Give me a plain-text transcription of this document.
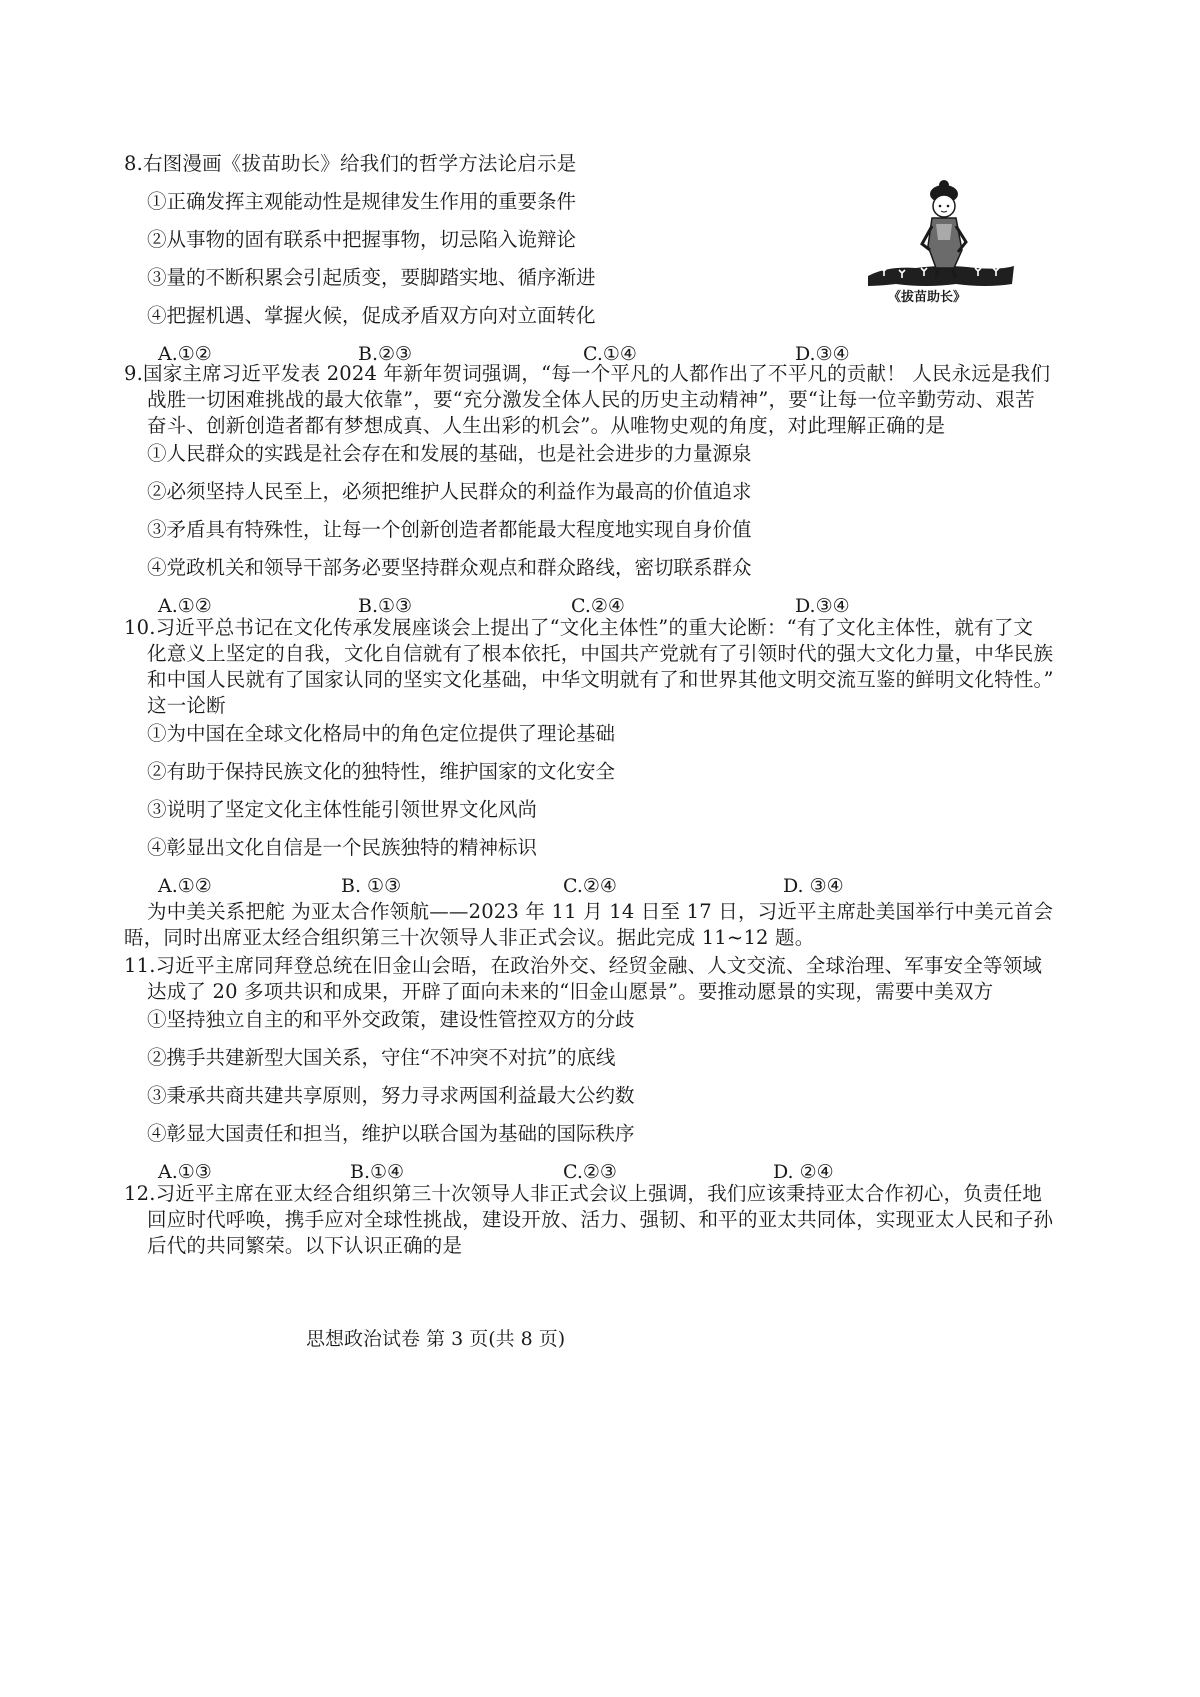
8.右图漫画《拔苗助长》给我们的哲学方法论启示是
①正确发挥主观能动性是规律发生作用的重要条件
②从事物的固有联系中把握事物，切忌陷入诡辩论
③量的不断积累会引起质变，要脚踏实地、循序渐进
④把握机遇、掌握火候，促成矛盾双方向对立面转化
A.①②	B.②③	C.①④	D.③④
《拔苗助长》
9.国家主席习近平发表 2024 年新年贺词强调，“每一个平凡的人都作出了不平凡的贡献！ 人民永远是我们
战胜一切困难挑战的最大依靠”，要“充分激发全体人民的历史主动精神”，要“让每一位辛勤劳动、艰苦
奋斗、创新创造者都有梦想成真、人生出彩的机会”。从唯物史观的角度，对此理解正确的是
①人民群众的实践是社会存在和发展的基础，也是社会进步的力量源泉
②必须坚持人民至上，必须把维护人民群众的利益作为最高的价值追求
③矛盾具有特殊性，让每一个创新创造者都能最大程度地实现自身价值
④党政机关和领导干部务必要坚持群众观点和群众路线，密切联系群众
A.①②	B.①③	C.②④	D.③④
10.习近平总书记在文化传承发展座谈会上提出了“文化主体性”的重大论断：“有了文化主体性，就有了文
化意义上坚定的自我，文化自信就有了根本依托，中国共产党就有了引领时代的强大文化力量，中华民族
和中国人民就有了国家认同的坚实文化基础，中华文明就有了和世界其他文明交流互鉴的鲜明文化特性。”
这一论断
①为中国在全球文化格局中的角色定位提供了理论基础
②有助于保持民族文化的独特性，维护国家的文化安全
③说明了坚定文化主体性能引领世界文化风尚
④彰显出文化自信是一个民族独特的精神标识
A.①②	B. ①③	C.②④	D. ③④
为中美关系把舵 为亚太合作领航——2023 年 11 月 14 日至 17 日，习近平主席赴美国举行中美元首会
晤，同时出席亚太经合组织第三十次领导人非正式会议。据此完成 11~12 题。
11.习近平主席同拜登总统在旧金山会晤，在政治外交、经贸金融、人文交流、全球治理、军事安全等领域
达成了 20 多项共识和成果，开辟了面向未来的“旧金山愿景”。要推动愿景的实现，需要中美双方
①坚持独立自主的和平外交政策，建设性管控双方的分歧
②携手共建新型大国关系，守住“不冲突不对抗”的底线
③秉承共商共建共享原则，努力寻求两国利益最大公约数
④彰显大国责任和担当，维护以联合国为基础的国际秩序
A.①③	B.①④	C.②③	D. ②④
12.习近平主席在亚太经合组织第三十次领导人非正式会议上强调，我们应该秉持亚太合作初心，负责任地
回应时代呼唤，携手应对全球性挑战，建设开放、活力、强韧、和平的亚太共同体，实现亚太人民和子孙
后代的共同繁荣。以下认识正确的是
思想政治试卷 第 3 页(共 8 页)
